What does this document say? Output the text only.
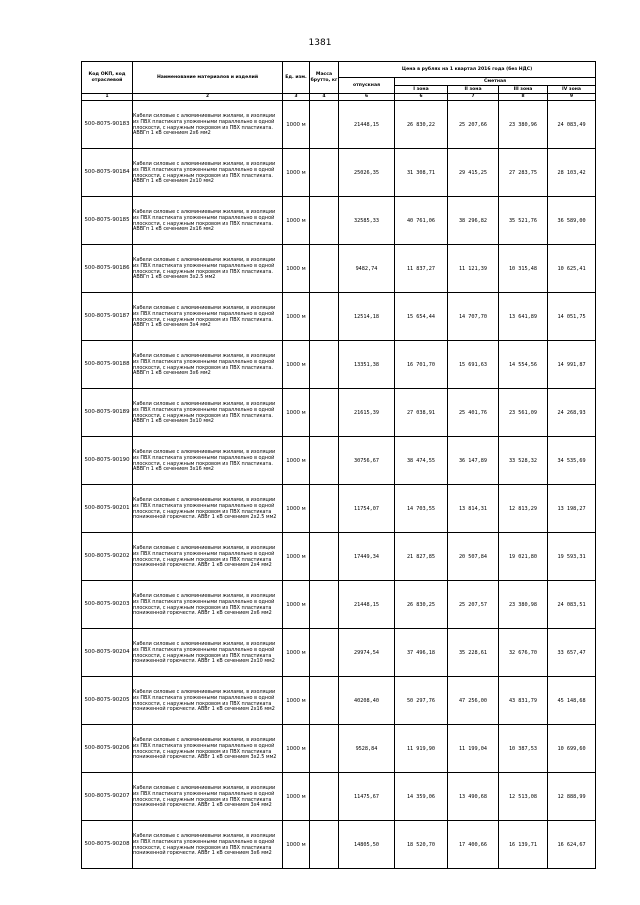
1381
Код ОКП, код отраслевой	Наименование материалов и изделий	Ед. изм.	Масса брутто, кг	Цена в рублях на 1 квартал 2016 года (без НДС)				
				отпускная	Сметная			
					I зона	II зона	III зона	IV зона
1	2	3	4	6	6	7	8	9
500-8075-90183	Кабели силовые с алюминиевыми жилами, в изоляции из ПВХ пластиката уложенными параллельно в одной плоскости, с наружным покровом из ПВХ пластиката. АВВГп 1 кВ сечением 2х6 мм2	1000 м		21448,15	26 830,22	25 207,66	23 380,96	24 083,49
500-8075-90184	Кабели силовые с алюминиевыми жилами, в изоляции из ПВХ пластиката уложенными параллельно в одной плоскости, с наружным покровом из ПВХ пластиката. АВВГп 1 кВ сечением 2х10 мм2	1000 м		25026,35	31 308,71	29 415,25	27 283,75	28 103,42
500-8075-90185	Кабели силовые с алюминиевыми жилами, в изоляции из ПВХ пластиката уложенными параллельно в одной плоскости, с наружным покровом из ПВХ пластиката. АВВГп 1 кВ сечением 2х16 мм2	1000 м		32585,33	40 761,06	38 296,82	35 521,76	36 589,00
500-8075-90186	Кабели силовые с алюминиевыми жилами, в изоляции из ПВХ пластиката уложенными параллельно в одной плоскости, с наружным покровом из ПВХ пластиката. АВВГп 1 кВ сечением 3х2.5 мм2	1000 м		9482,74	11 837,27	11 121,39	10 315,48	10 625,41
500-8075-90187	Кабели силовые с алюминиевыми жилами, в изоляции из ПВХ пластиката уложенными параллельно в одной плоскости, с наружным покровом из ПВХ пластиката. АВВГп 1 кВ сечением 3х4 мм2	1000 м		12514,18	15 654,44	14 707,70	13 641,89	14 051,75
500-8075-90188	Кабели силовые с алюминиевыми жилами, в изоляции из ПВХ пластиката уложенными параллельно в одной плоскости, с наружным покровом из ПВХ пластиката. АВВГп 1 кВ сечением 3х6 мм2	1000 м		13351,38	16 701,70	15 691,63	14 554,56	14 991,87
500-8075-90189	Кабели силовые с алюминиевыми жилами, в изоляции из ПВХ пластиката уложенными параллельно в одной плоскости, с наружным покровом из ПВХ пластиката. АВВГп 1 кВ сечением 3х10 мм2	1000 м		21615,39	27 038,91	25 401,76	23 561,09	24 268,93
500-8075-90190	Кабели силовые с алюминиевыми жилами, в изоляции из ПВХ пластиката уложенными параллельно в одной плоскости, с наружным покровом из ПВХ пластиката. АВВГп 1 кВ сечением 3х16 мм2	1000 м		30756,67	38 474,55	36 147,89	33 528,32	34 535,69
500-8075-90201	Кабели силовые с алюминиевыми жилами, в изоляции из ПВХ пластиката уложенными параллельно в одной плоскости, с наружным покровом из ПВХ пластиката пониженной горючести. АВВг 1 кВ сечением 2х2.5 мм2	1000 м		11754,07	14 703,55	13 814,31	12 813,29	13 198,27
500-8075-90202	Кабели силовые с алюминиевыми жилами, в изоляции из ПВХ пластиката уложенными параллельно в одной плоскости, с наружным покровом из ПВХ пластиката пониженной горючести. АВВг 1 кВ сечением 2х4 мм2	1000 м		17449,34	21 827,85	20 507,84	19 021,80	19 593,31
500-8075-90203	Кабели силовые с алюминиевыми жилами, в изоляции из ПВХ пластиката уложенными параллельно в одной плоскости, с наружным покровом из ПВХ пластиката пониженной горючести. АВВг 1 кВ сечением 2х6 мм2	1000 м		21448,15	26 830,25	25 207,57	23 380,98	24 083,51
500-8075-90204	Кабели силовые с алюминиевыми жилами, в изоляции из ПВХ пластиката уложенными параллельно в одной плоскости, с наружным покровом из ПВХ пластиката пониженной горючести. АВВг 1 кВ сечением 2х10 мм2	1000 м		29974,54	37 496,18	35 228,61	32 676,70	33 657,47
500-8075-90205	Кабели силовые с алюминиевыми жилами, в изоляции из ПВХ пластиката уложенными параллельно в одной плоскости, с наружным покровом из ПВХ пластиката пониженной горючести. АВВг 1 кВ сечением 2х16 мм2	1000 м		40208,40	50 297,76	47 256,00	43 831,79	45 148,68
500-8075-90206	Кабели силовые с алюминиевыми жилами, в изоляции из ПВХ пластиката уложенными параллельно в одной плоскости, с наружным покровом из ПВХ пластиката пониженной горючести. АВВг 1 кВ сечением 3х2.5 мм2	1000 м		9528,84	11 919,90	11 199,04	10 387,53	10 699,60
500-8075-90207	Кабели силовые с алюминиевыми жилами, в изоляции из ПВХ пластиката уложенными параллельно в одной плоскости, с наружным покровом из ПВХ пластиката пониженной горючести. АВВг 1 кВ сечением 3х4 мм2	1000 м		11475,67	14 359,06	13 490,68	12 513,08	12 888,99
500-8075-90208	Кабели силовые с алюминиевыми жилами, в изоляции из ПВХ пластиката уложенными параллельно в одной плоскости, с наружным покровом из ПВХ пластиката пониженной горючести. АВВг 1 кВ сечением 3х6 мм2	1000 м		14805,50	18 520,70	17 400,66	16 139,71	16 624,67
